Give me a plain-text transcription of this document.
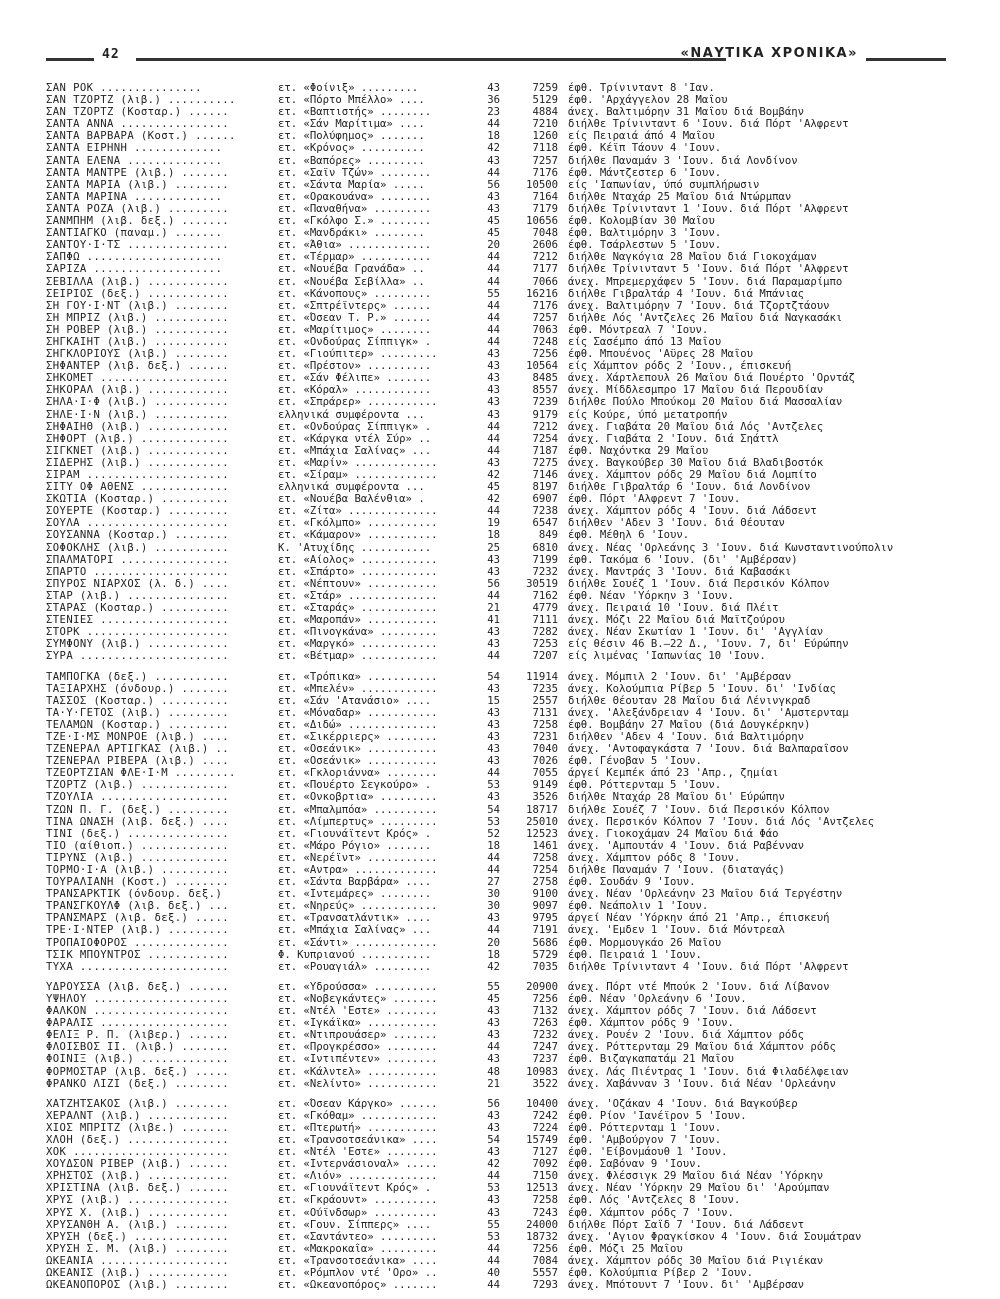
42	«ΝΑΥΤΙΚΑ ΧΡΟΝΙΚΑ»
ΣΑΝ ΡΟΚ ...............	ετ. «Φοίνιξ» .........	43	7259 έφθ. Τρίνινταντ 8 'Ιαν.
ΣΑΝ ΤΖΟΡΤΖ (λιβ.) ..........	ετ. «Πόρτο Μπέλλο» ....	36	5129 έφθ. 'Αρχάγγελον 28 Μαΐου
ΣΑΝ ΤΖΟΡΤΖ (Κοσταρ.) ......	ετ. «Βαπτιστής» ........	23	4884 άνεχ. Βαλτιμόρην 31 Μαΐου διά Βομβάην
ΣΑΝΤΑ ΑΝΝΑ ................	ετ. «Σάν Μαρίτιμα» ....	44	7210 διήλθε Τρίνινταντ 6 'Ιουν. διά Πόρτ 'Αλφρεντ
ΣΑΝΤΑ ΒΑΡΒΑΡΑ (Κοστ.) ......	ετ. «Πολύφημος» .......	18	1260 είς Πειραιά άπό 4 Μαΐου
ΣΑΝΤΑ ΕΙΡΗΝΗ .............	ετ. «Κρόνος» ..........	42	7118 έφθ. Κέϊπ Τάουν 4 'Ιουν.
ΣΑΝΤΑ ΕΛΕΝΑ ..............	ετ. «Βαπόρες» .........	43	7257 διήλθε Παναμάν 3 'Ιουν. διά Λονδίνον
ΣΑΝΤΑ ΜΑΝΤΡΕ (λιβ.) .......	ετ. «Σαϊν Τζών» ........	44	7176 έφθ. Μάντζεστερ 6 'Ιουν.
ΣΑΝΤΑ ΜΑΡΙΑ (λιβ.) ........	ετ. «Σάντα Μαρία» .....	56	10500 είς 'Ιαπωνίαν, ύπό συμπλήρωσιν
ΣΑΝΤΑ ΜΑΡΙΝΑ .............	ετ. «Ορακουάνα» ........	43	7164 διήλθε Νταχάρ 25 Μαΐου διά Ντώρμπαν
ΣΑΝΤΑ ΡΟΖΑ (λιβ.) .........	ετ. «Παναθήνα» .........	43	7179 διήλθε Τρίνινταντ 1 'Ιουν. διά Πόρτ 'Αλφρεντ
ΣΑΝΜΠΗΜ (λιβ. δεξ.) .......	ετ. «Γκόλφο Σ.» ........	45	10656 έφθ. Κολομβίαν 30 Μαΐου
ΣΑΝΤΙΑΓΚΟ (παναμ.) .......	ετ. «Μανδράκι» ........	45	7048 έφθ. Βαλτιμόρην 3 'Ιουν.
ΣΑΝΤΟΥ·Ι·ΤΣ ...............	ετ. «Άθια» .............	20	2606 έφθ. Τσάρλεστων 5 'Ιουν.
ΣΑΠΦΩ ....................	ετ. «Τέρμαρ» ...........	44	7212 διήλθε Ναγκόγια 28 Μαΐου διά Γιοκοχάμαν
ΣΑΡΙΖΑ ...................	ετ. «Νουέβα Γρανάδα» ..	44	7177 διήλθε Τρίνινταντ 5 'Ιουν. διά Πόρτ 'Αλφρεντ
ΣΕΒΙΛΛΑ (λιβ.) ............	ετ. «Νουέβα Σεβίλλα» ..	44	7066 άνεχ. Μπρεμερχάφεν 5 'Ιουν. διά Παραμαρίμπο
ΣΕΙΡΙΟΣ (δεξ.) ............	ετ. «Κάνοπους» .........	55	16216 διήλθε Γιβραλτάρ 4 'Ιουν. διά Μπάνιας
ΣΗ ΓΟΥ·Ι·ΝΤ (λιβ.) ........	ετ. «Σπτρέϊντερς» ......	44	7176 άνεχ. Βαλτιμόρην 7 'Ιουν. διά Τζορτζτάουν
ΣΗ ΜΠΡΙΖ (λιβ.) ...........	ετ. «Όσεαν Τ. Ρ.» ......	44	7257 διήλθε Λός 'Αντζελες 26 Μαΐου διά Ναγκασάκι
ΣΗ ΡΟΒΕΡ (λιβ.) ...........	ετ. «Μαρίτιμος» ........	44	7063 έφθ. Μόντρεαλ 7 'Ιουν.
ΣΗΓΚΑΙΗΤ (λιβ.) ...........	ετ. «Ονδούρας Σίππιγκ» .	44	7248 είς Σασέμπο άπό 13 Μαΐου
ΣΗΓΚΛΟΡΙΟΥΣ (λιβ.) ........	ετ. «Γιούπιτερ» .........	43	7256 έφθ. Μπουένος 'Αϋρες 28 Μαΐου
ΣΗΦΑΝΤΕΡ (λιβ. δεξ.) ......	ετ. «Πρέστον» ..........	43	10564 είς Χάμπτον ρόδς 2 'Ιουν., έπισκευή
ΣΗΚΟΜΕΤ ...................	ετ. «Σάν Φέλιπε» .......	43	8485 άνεχ. Χάρτλεπουλ 26 Μαΐου διά Πουέρτο 'Ορντάζ
ΣΗΚΟΡΑΛ (λιβ.) ............	ετ. «Κόραλ» ............	43	8557 άνεχ. Μίδδλεσμπρο 17 Μαΐου διά Περουδίαν
ΣΗΛΑ·Ι·Φ (λιβ.) ...........	ετ. «Σπράρερ» ...........	43	7239 διήλθε Πούλο Μπούκομ 20 Μαΐου διά Μασσαλίαν
ΣΗΛΕ·Ι·Ν (λιβ.) ...........	ελληνικά συμφέροντα ...	43	9179 είς Κούρε, ύπό μετατροπήν
ΣΗΦΑΙΗΘ (λιβ.) ............	ετ. «Ονδούρας Σίππιγκ» .	44	7212 άνεχ. Γιαβάτα 20 Μαΐου διά Λός 'Αντζελες
ΣΗΦΟΡΤ (λιβ.) .............	ετ. «Κάργκα ντέλ Σύρ» ..	44	7254 άνεχ. Γιαβάτα 2 'Ιουν. διά Σηάττλ
ΣΙΓΚΝΕΤ (λιβ.) ............	ετ. «Μπάχια Σαλίνας» ...	44	7187 έφθ. Ναχόντκα 29 Μαΐου
ΣΙΔΕΡΗΣ (λιβ.) ............	ετ. «Μαρίν» .............	43	7275 άνεχ. Βαγκούβερ 30 Μαΐου διά Βλαδιβοστόκ
ΣΙΡΑΜ .....................	ετ. «Σίραμ» .............	42	7146 άνεχ. Χάμπτον ρόδς 29 Μαΐου διά Λομπίτο
ΣΙΤΥ ΟΦ ΑΘΕΝΣ .............	ελληνικά συμφέροντα ...	45	8197 διήλθε Γιβραλτάρ 6 'Ιουν. διά Λονδίνον
ΣΚΩΤΙΑ (Κοσταρ.) ..........	ετ. «Νουέβα Βαλένθια» .	42	6907 έφθ. Πόρτ 'Αλφρεντ 7 'Ιουν.
ΣΟΥΕΡΤΕ (Κοσταρ.) .........	ετ. «Ζίτα» ..............	44	7238 άνεχ. Χάμπτον ρόδς 4 'Ιουν. διά Λάδσεντ
ΣΟΥΛΑ .....................	ετ. «Γκόλμπο» ...........	19	6547 διήλθεν 'Αδεν 3 'Ιουν. διά Θέουταν
ΣΟΥΣΑΝΝΑ (Κοσταρ.) ........	ετ. «Κάμαρον» ...........	18	849 έφθ. Μέθηλ 6 'Ιουν.
ΣΟΦΟΚΛΗΣ (λιβ.) ...........	Κ. 'Ατυχίδης ...........	25	6810 άνεχ. Νέας 'Ορλεάνης 3 'Ιουν. διά Κωνσταντινούπολιν
ΣΠΑΛΜΑΤΟΡΙ ................	ετ. «Αίολος» ............	43	7199 έφθ. Τακόμα 6 'Ιουν. (δι' 'Αμβέρσαν)
ΣΠΑΡΤΟ ....................	ετ. «Σπάρτο» ............	43	7232 άνεχ. Μαντράς 3 'Ιουν. διά Καβασάκι
ΣΠΥΡΟΣ ΝΙΑΡΧΟΣ (λ. δ.) ....	ετ. «Νέπτουν» ...........	56	30519 διήλθε Σουέζ 1 'Ιουν. διά Περσικόν Κόλπον
ΣΤΑΡ (λιβ.) ...............	ετ. «Στάρ» ..............	44	7162 έφθ. Νέαν 'Υόρκην 3 'Ιουν.
ΣΤΑΡΑΣ (Κοσταρ.) ..........	ετ. «Σταράς» ............	21	4779 άνεχ. Πειραιά 10 'Ιουν. διά Πλέιτ
ΣΤΕΝΙΕΣ ...................	ετ. «Μαροπάν» ...........	41	7111 άνεχ. Μόζι 22 Μαΐου διά Μαϊτζούρου
ΣΤΟΡΚ .....................	ετ. «Πινογκάνα» .........	43	7282 άνεχ. Νέαν Σκωτίαν 1 'Ιουν. δι' 'Αγγλίαν
ΣΥΜΦΟΝΥ (λιβ.) ............	ετ. «Μαργκό» ............	43	7253 είς θέσιν 46 Β.—22 Δ., 'Ιουν. 7, δι' Εύρώπην
ΣΥΡΑ ......................	ετ. «Βέτμαρ» ............	44	7207 είς λιμένας 'Ιαπωνίας 10 'Ιουν.
ΤΑΜΠΟΓΚΑ (δεξ.) ...........	ετ. «Τρόπικα» ...........	54	11914 άνεχ. Μόμπιλ 2 'Ιουν. δι' 'Αμβέρσαν
ΤΑΞΙΑΡΧΗΣ (όνδουρ.) .......	ετ. «Μπελέν» ............	43	7235 άνεχ. Κολούμπια Ρίβερ 5 'Ιουν. δι' 'Ινδίας
ΤΑΣΣΟΣ (Κοσταρ.) ..........	ετ. «Σάν 'Ατανάσιο» ....	15	2557 διήλθε Θέουταν 28 Μαΐου διά Λένινγκραδ
ΤΑ·Υ·ΓΕΤΟΣ (λιβ.) .........	ετ. «Μόναδαρ» ...........	43	7131 άνεχ. 'Αλεξάνδρειαν 4 'Ιουν. δι' 'Αμστερνταμ
ΤΕΛΑΜΩΝ (Κοσταρ.) .........	ετ. «Διδώ» ..............	43	7258 έφθ. Βομβάην 27 Μαΐου (διά Δουγκέρκην)
ΤΖΕ·Ι·ΜΣ ΜΟΝΡΟΕ (λιβ.) ....	ετ. «Σικέρριερς» ........	43	7231 διήλθεν 'Αδεν 4 'Ιουν. διά Βαλτιμόρην
ΤΖΕΝΕΡΑΛ ΑΡΤΙΓΚΑΣ (λιβ.) ..	ετ. «Οσεάνικ» ...........	43	7040 άνεχ. 'Αντοφαγκάστα 7 'Ιουν. διά Βαλπαραΐσον
ΤΖΕΝΕΡΑΛ ΡΙΒΕΡΑ (λιβ.) ....	ετ. «Οσεάνικ» ...........	43	7026 έφθ. Γένοβαν 5 'Ιουν.
ΤΖΕΟΡΤΖΙΑΝ ΦΛΕ·Ι·Μ .........	ετ. «Γκλοριάννα» ........	44	7055 άργεί Κεμπέκ άπό 23 'Απρ., ζημίαι
ΤΖΟΡΤΖ (λιβ.) .............	ετ. «Πουέρτο Σεγκούρο» .	53	9149 έφθ. Ρόττερνταμ 5 'Ιουν.
ΤΖΟΥΛΙΑ ...................	ετ. «Ονκοβρτια» .........	43	3526 διήλθε Νταχάρ 28 Μαΐου δι' Εύρώπην
ΤΖΩΝ Π. Γ. (δεξ.) .........	ετ. «Μπαλμπόα» ..........	54	18717 διήλθε Σουέζ 7 'Ιουν. διά Περσικόν Κόλπον
ΤΙΝΑ ΩΝΑΣΗ (λιβ. δεξ.) ....	ετ. «Λίμπερτυς» .........	53	25010 άνεχ. Περσικόν Κόλπον 7 'Ιουν. διά Λός 'Αντζελες
ΤΙΝΙ (δεξ.) ...............	ετ. «Γιουνάϊτεντ Κρός» .	52	12523 άνεχ. Γιοκοχάμαν 24 Μαΐου διά Φάο
ΤΙΟ (αίθιοπ.) .............	ετ. «Μάρο Ρόγιο» .......	18	1461 άνεχ. 'Αμπουτάν 4 'Ιουν. διά Ραβένναν
ΤΙΡΥΝΣ (λιβ.) .............	ετ. «Νερέϊντ» ...........	44	7258 άνεχ. Χάμπτον ρόδς 8 'Ιουν.
ΤΟΡΜΟ·Ι·Α (λιβ.) ..........	ετ. «Αντρα» .............	44	7254 διήλθε Παναμάν 7 'Ιουν. (διαταγάς)
ΤΟΥΡΑΛΙΑΝΗ (Κοστ.) ........	ετ. «Σάντα Βαρβάρα» ....	27	2758 έφθ. Σουδάν 9 'Ιουν.
ΤΡΑΝΣΑΡΚΤΙΚ (όνδουρ. δεξ.)	ετ. «Ιντεμάρες» ........	30	9100 άνεχ. Νέαν 'Ορλεάνην 23 Μαΐου διά Τεργέστην
ΤΡΑΝΣΓΚΟΥΛΦ (λιβ. δεξ.) ...	ετ. «Νηρεύς» ............	30	9097 έφθ. Νεάπολιν 1 'Ιουν.
ΤΡΑΝΣΜΑΡΣ (λιβ. δεξ.) .....	ετ. «Τρανσατλάντικ» ....	43	9795 άργεί Νέαν 'Υόρκην άπό 21 'Απρ., έπισκευή
ΤΡΕ·Ι·ΝΤΕΡ (λιβ.) .........	ετ. «Μπάχια Σαλίνας» ...	44	7191 άνεχ. 'Εμδεν 1 'Ιουν. διά Μόντρεαλ
ΤΡΟΠΑΙΟΦΟΡΟΣ ..............	ετ. «Σάντι» .............	20	5686 έφθ. Μορμουγκάο 26 Μαΐου
ΤΣΙΚ ΜΠΟΥΝΤΡΟΣ ............	Φ. Κυπριανού ...........	18	5729 έφθ. Πειραιά 1 'Ιουν.
ΤΥΧΑ ......................	ετ. «Ρουαγιάλ» .........	42	7035 διήλθε Τρίνινταντ 4 'Ιουν. διά Πόρτ 'Αλφρεντ
ΥΔΡΟΥΣΣΑ (λιβ. δεξ.) ......	ετ. «Υδρούσσα» ..........	55	20900 άνεχ. Πόρτ ντέ Μπούκ 2 'Ιουν. διά Λίβανον
ΥΨΗΛΟΥ ....................	ετ. «Νοβεγκάντες» .......	45	7256 έφθ. Νέαν 'Ορλεάνην 6 'Ιουν.
ΦΑΛΚΟΝ ....................	ετ. «Ντέλ 'Εστε» ........	43	7132 άνεχ. Χάμπτον ρόδς 7 'Ιουν. διά Λάδσεντ
ΦΑΡΑΛΙΣ ...................	ετ. «Ιγκάϊκα» ...........	43	7263 έφθ. Χάμπτον ρόδς 9 'Ιουν.
ΦΕΛΙΞ Ρ. Π. (λιβερ.) ......	ετ. «Ντιπρουάσερ» .......	43	7232 άνεχ. Ρουέν 2 'Ιουν. διά Χάμπτον ρόδς
ΦΛΟΙΣΒΟΣ ΙΙ. (λιβ.) .......	ετ. «Προγκρέσσο» ........	44	7247 άνεχ. Ρόττερνταμ 29 Μαΐου διά Χάμπτον ρόδς
ΦΟΙΝΙΞ (λιβ.) .............	ετ. «Ιντιπέντεν» ........	43	7237 έφθ. Βιζαγκαπατάμ 21 Μαΐου
ΦΟΡΜΟΣΤΑΡ (λιβ. δεξ.) .....	ετ. «Κάλντελ» ...........	48	10983 άνεχ. Λάς Πιέντρας 1 'Ιουν. διά Φιλαδέλφειαν
ΦΡΑΝΚΟ ΛΙΖΙ (δεξ.) ........	ετ. «Νελίντο» ...........	21	3522 άνεχ. Χαβάνναν 3 'Ιουν. διά Νέαν 'Ορλεάνην
ΧΑΤΖΗΤΣΑΚΟΣ (λιβ.) ........	ετ. «Όσεαν Κάργκο» ......	56	10400 άνεχ. 'Οζάκαν 4 'Ιουν. διά Βαγκούβερ
ΧΕΡΑΛΝΤ (λιβ.) ............	ετ. «Γκόθαμ» ............	43	7242 έφθ. Ρίον 'Ιανέϊρον 5 'Ιουν.
ΧΙΟΣ ΜΠΡΙΤΖ (λιβε.) .......	ετ. «Πτερωτή» ...........	43	7224 έφθ. Ρόττερνταμ 1 'Ιουν.
ΧΛΟΗ (δεξ.) ...............	ετ. «Τρανσοτσεάνικα» ....	54	15749 έφθ. 'Αμβούργον 7 'Ιουν.
ΧΟΚ .......................	ετ. «Ντέλ 'Εστε» ........	43	7127 έφθ. 'Είβονμάουθ 1 'Ιουν.
ΧΟΥΔΣΟΝ ΡΙΒΕΡ (λιβ.) ......	ετ. «Ιντερνάσιοναλ» .....	42	7092 έφθ. Σαβόναν 9 'Ιουν.
ΧΡΗΣΤΟΣ (λιβ.) ............	ετ. «Λιόν» ..............	44	7150 άνεχ. Φλέσσιγκ 29 Μαΐου διά Νέαν 'Υόρκην
ΧΡΙΣΤΙΝΑ (λιβ. δεξ.) ......	ετ. «Γιουνάϊτεντ Κρός» .	53	12513 άνεχ. Νέαν 'Υόρκην 29 Μαΐου δι' 'Αρούμπαν
ΧΡΥΣ (λιβ.) ...............	ετ. «Γκράουντ» ..........	43	7258 έφθ. Λός 'Αντζελες 8 'Ιουν.
ΧΡΥΣ Χ. (λιβ.) ............	ετ. «Ούϊνδσωρ» ..........	43	7243 έφθ. Χάμπτον ρόδς 7 'Ιουν.
ΧΡΥΣΑΝΘΗ Α. (λιβ.) ........	ετ. «Γουν. Σίππερς» ....	55	24000 διήλθε Πόρτ Σαΐδ 7 'Ιουν. διά Λάδσεντ
ΧΡΥΣΗ (δεξ.) ..............	ετ. «Σαντάντεο» .........	53	18732 άνεχ. 'Αγιον Φραγκίσκον 4 'Ιουν. διά Σουμάτραν
ΧΡΥΣΗ Σ. Μ. (λιβ.) ........	ετ. «Μακροκαΐα» .........	44	7256 έφθ. Μόζι 25 Μαΐου
ΩΚΕΑΝΙΑ ...................	ετ. «Τρανσοτσεάνικα» ....	44	7084 άνεχ. Χάμπτον ρόδς 30 Μαΐου διά Ριγιέκαν
ΩΚΕΑΝΙΣ (λιβ.) ............	ετ. «Ρόμπλον ντέ 'Ορο» ..	40	5557 έφθ. Κολούμπια Ρίβερ 2 'Ιουν.
ΩΚΕΑΝΟΠΟΡΟΣ (λιβ.) ........	ετ. «Ωκεανοπόρος» .......	44	7293 άνεχ. Μπότουντ 7 'Ιουν. δι' 'Αμβέρσαν
